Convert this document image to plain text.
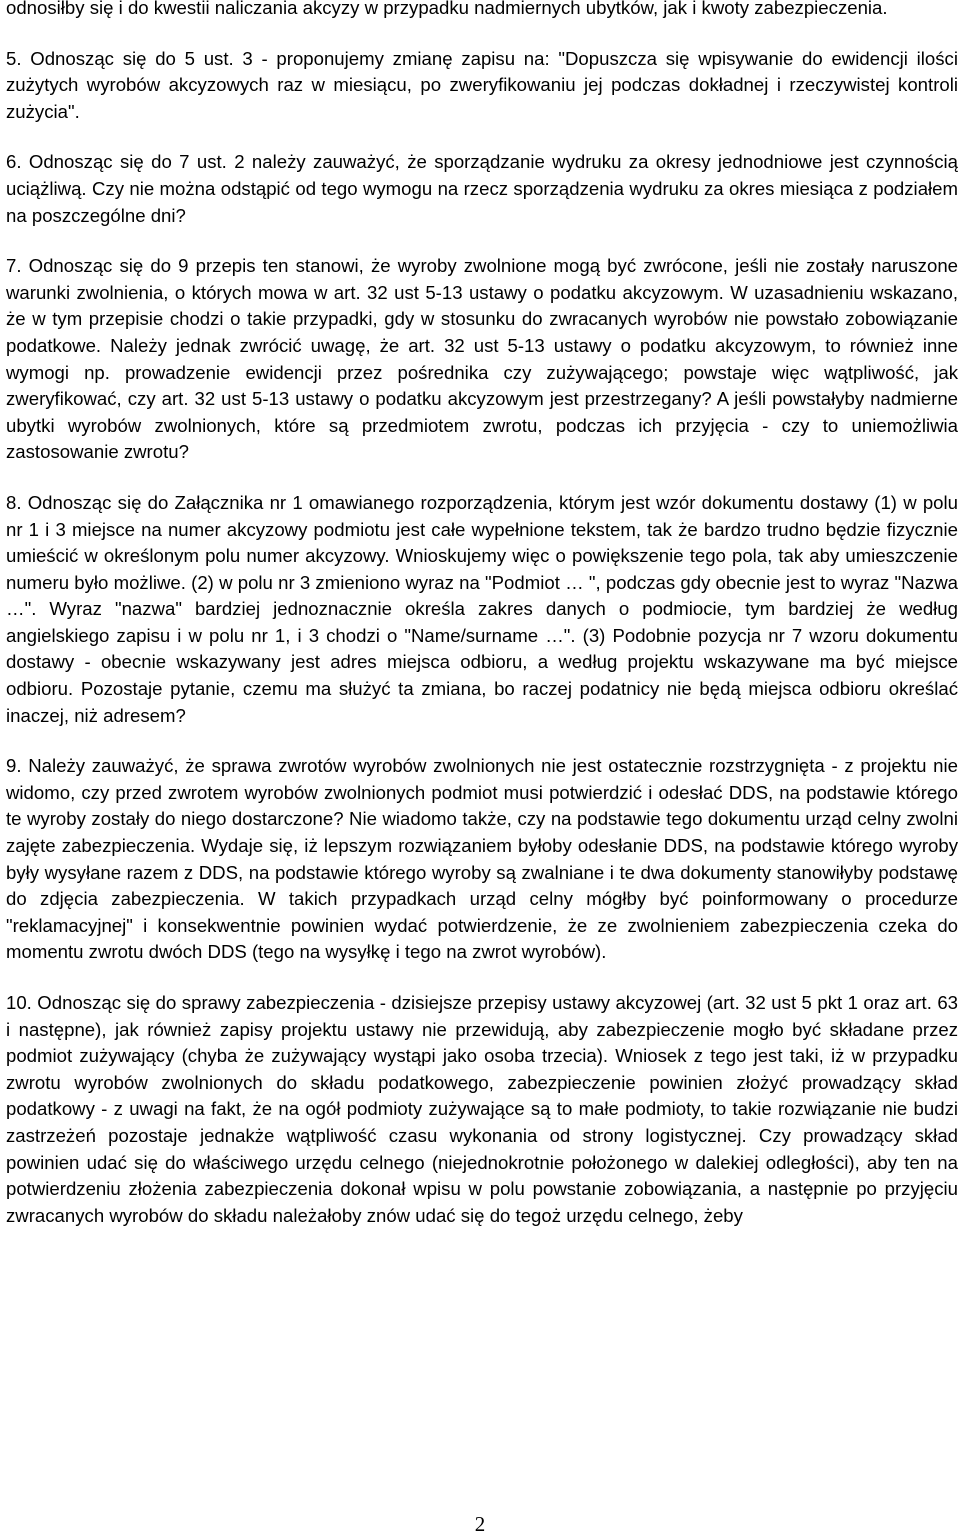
odnosiłby się i do kwestii naliczania akcyzy w przypadku nadmiernych ubytków, jak i kwoty zabezpieczenia.

5. Odnosząc się do 5 ust. 3 - proponujemy zmianę zapisu na: "Dopuszcza się wpisywanie do ewidencji ilości zużytych wyrobów akcyzowych raz w miesiącu, po zweryfikowaniu jej podczas dokładnej i rzeczywistej kontroli zużycia".

6. Odnosząc się do 7 ust. 2 należy zauważyć, że sporządzanie wydruku za okresy jednodniowe jest czynnością uciążliwą. Czy nie można odstąpić od tego wymogu na rzecz sporządzenia wydruku za okres miesiąca z podziałem na poszczególne dni?

7. Odnosząc się do 9 przepis ten stanowi, że wyroby zwolnione mogą być zwrócone, jeśli nie zostały naruszone warunki zwolnienia, o których mowa w art. 32 ust 5-13 ustawy o podatku akcyzowym. W uzasadnieniu wskazano, że w tym przepisie chodzi o takie przypadki, gdy w stosunku do zwracanych wyrobów nie powstało zobowiązanie podatkowe. Należy jednak zwrócić uwagę, że art. 32 ust 5-13 ustawy o podatku akcyzowym, to również inne wymogi np. prowadzenie ewidencji przez pośrednika czy zużywającego; powstaje więc wątpliwość, jak zweryfikować, czy art. 32 ust 5-13 ustawy o podatku akcyzowym jest przestrzegany? A jeśli powstałyby nadmierne ubytki wyrobów zwolnionych, które są przedmiotem zwrotu, podczas ich przyjęcia - czy to uniemożliwia zastosowanie zwrotu?

8. Odnosząc się do Załącznika nr 1 omawianego rozporządzenia, którym jest wzór dokumentu dostawy (1) w polu nr 1 i 3 miejsce na numer akcyzowy podmiotu jest całe wypełnione tekstem, tak że bardzo trudno będzie fizycznie umieścić w określonym polu numer akcyzowy. Wnioskujemy więc o powiększenie tego pola, tak aby umieszczenie numeru było możliwe. (2) w polu nr 3 zmieniono wyraz na "Podmiot … ", podczas gdy obecnie jest to wyraz "Nazwa …". Wyraz "nazwa" bardziej jednoznacznie określa zakres danych o podmiocie, tym bardziej że według angielskiego zapisu i w polu nr 1, i 3 chodzi o "Name/surname …". (3) Podobnie pozycja nr 7 wzoru dokumentu dostawy - obecnie wskazywany jest adres miejsca odbioru, a według projektu wskazywane ma być miejsce odbioru. Pozostaje pytanie, czemu ma służyć ta zmiana, bo raczej podatnicy nie będą miejsca odbioru określać inaczej, niż adresem?

9. Należy zauważyć, że sprawa zwrotów wyrobów zwolnionych nie jest ostatecznie rozstrzygnięta - z projektu nie widomo, czy przed zwrotem wyrobów zwolnionych podmiot musi potwierdzić i odesłać DDS, na podstawie którego te wyroby zostały do niego dostarczone? Nie wiadomo także, czy na podstawie tego dokumentu urząd celny zwolni zajęte zabezpieczenia. Wydaje się, iż lepszym rozwiązaniem byłoby odesłanie DDS, na podstawie którego wyroby były wysyłane razem z DDS, na podstawie którego wyroby są zwalniane i te dwa dokumenty stanowiłyby podstawę do zdjęcia zabezpieczenia. W takich przypadkach urząd celny mógłby być poinformowany o procedurze "reklamacyjnej" i konsekwentnie powinien wydać potwierdzenie, że ze zwolnieniem zabezpieczenia czeka do momentu zwrotu dwóch DDS (tego na wysyłkę i tego na zwrot wyrobów).

10. Odnosząc się do sprawy zabezpieczenia - dzisiejsze przepisy ustawy akcyzowej (art. 32 ust 5 pkt 1 oraz art. 63 i następne), jak również zapisy projektu ustawy nie przewidują, aby zabezpieczenie mogło być składane przez podmiot zużywający (chyba że zużywający wystąpi jako osoba trzecia). Wniosek z tego jest taki, iż w przypadku zwrotu wyrobów zwolnionych do składu podatkowego, zabezpieczenie powinien złożyć prowadzący skład podatkowy - z uwagi na fakt, że na ogół podmioty zużywające są to małe podmioty, to takie rozwiązanie nie budzi zastrzeżeń pozostaje jednakże wątpliwość czasu wykonania od strony logistycznej. Czy prowadzący skład powinien udać się do właściwego urzędu celnego (niejednokrotnie położonego w dalekiej odległości), aby ten na potwierdzeniu złożenia zabezpieczenia dokonał wpisu w polu powstanie zobowiązania, a następnie po przyjęciu zwracanych wyrobów do składu należałoby znów udać się do tegoż urzędu celnego, żeby

2
